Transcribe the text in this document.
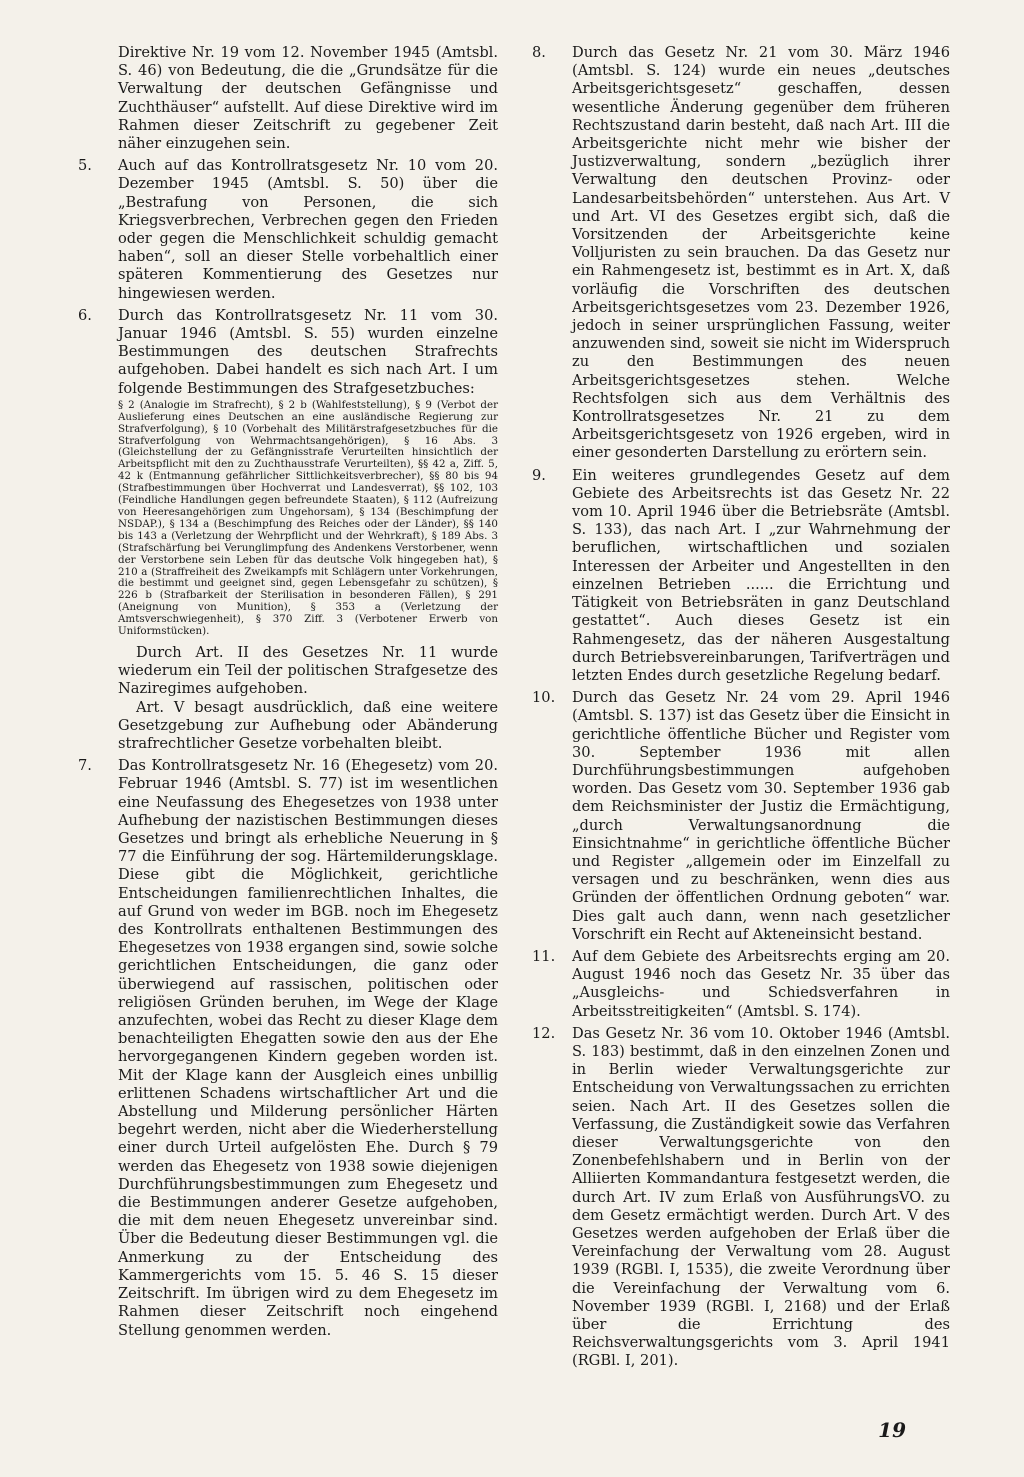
Direktive Nr. 19 vom 12. November 1945 (Amtsbl. S. 46) von Bedeutung, die die „Grundsätze für die Verwaltung der deutschen Gefängnisse und Zuchthäuser“ aufstellt. Auf diese Direktive wird im Rahmen dieser Zeitschrift zu gegebener Zeit näher einzugehen sein.

5.	Auch auf das Kontrollratsgesetz Nr. 10 vom 20. Dezember 1945 (Amtsbl. S. 50) über die „Bestrafung von Personen, die sich Kriegsverbrechen, Verbrechen gegen den Frieden oder gegen die Menschlichkeit schuldig gemacht haben“, soll an dieser Stelle vorbehaltlich einer späteren Kommentierung des Gesetzes nur hingewiesen werden.

6.	Durch das Kontrollratsgesetz Nr. 11 vom 30. Januar 1946 (Amtsbl. S. 55) wurden einzelne Bestimmungen des deutschen Strafrechts aufgehoben. Dabei handelt es sich nach Art. I um folgende Bestimmungen des Strafgesetzbuches:

§ 2 (Analogie im Strafrecht), § 2 b (Wahlfeststellung), § 9 (Verbot der Auslieferung eines Deutschen an eine ausländische Regierung zur Strafverfolgung), § 10 (Vorbehalt des Militärstrafgesetzbuches für die Strafverfolgung von Wehrmachtsangehörigen), § 16 Abs. 3 (Gleichstellung der zu Gefängnisstrafe Verurteilten hinsichtlich der Arbeitspflicht mit den zu Zuchthausstrafe Verurteilten), §§ 42 a, Ziff. 5, 42 k (Entmannung gefährlicher Sittlichkeitsverbrecher), §§ 80 bis 94 (Strafbestimmungen über Hochverrat und Landesverrat), §§ 102, 103 (Feindliche Handlungen gegen befreundete Staaten), § 112 (Aufreizung von Heeresangehörigen zum Ungehorsam), § 134 (Beschimpfung der NSDAP.), § 134 a (Beschimpfung des Reiches oder der Länder), §§ 140 bis 143 a (Verletzung der Wehrpflicht und der Wehrkraft), § 189 Abs. 3 (Strafschärfung bei Verunglimpfung des Andenkens Verstorbener, wenn der Verstorbene sein Leben für das deutsche Volk hingegeben hat), § 210 a (Straffreiheit des Zweikampfs mit Schlägern unter Vorkehrungen, die bestimmt und geeignet sind, gegen Lebensgefahr zu schützen), § 226 b (Strafbarkeit der Sterilisation in besonderen Fällen), § 291 (Aneignung von Munition), § 353 a (Verletzung der Amtsverschwiegenheit), § 370 Ziff. 3 (Verbotener Erwerb von Uniformstücken).

Durch Art. II des Gesetzes Nr. 11 wurde wiederum ein Teil der politischen Strafgesetze des Naziregimes aufgehoben.

Art. V besagt ausdrücklich, daß eine weitere Gesetzgebung zur Aufhebung oder Abänderung strafrechtlicher Gesetze vorbehalten bleibt.

7.	Das Kontrollratsgesetz Nr. 16 (Ehegesetz) vom 20. Februar 1946 (Amtsbl. S. 77) ist im wesentlichen eine Neufassung des Ehegesetzes von 1938 unter Aufhebung der nazistischen Bestimmungen dieses Gesetzes und bringt als erhebliche Neuerung in § 77 die Einführung der sog. Härtemilderungsklage. Diese gibt die Möglichkeit, gerichtliche Entscheidungen familienrechtlichen Inhaltes, die auf Grund von weder im BGB. noch im Ehegesetz des Kontrollrats enthaltenen Bestimmungen des Ehegesetzes von 1938 ergangen sind, sowie solche gerichtlichen Entscheidungen, die ganz oder überwiegend auf rassischen, politischen oder religiösen Gründen beruhen, im Wege der Klage anzufechten, wobei das Recht zu dieser Klage dem benachteiligten Ehegatten sowie den aus der Ehe hervorgegangenen Kindern gegeben worden ist. Mit der Klage kann der Ausgleich eines unbillig erlittenen Schadens wirtschaftlicher Art und die Abstellung und Milderung persönlicher Härten begehrt werden, nicht aber die Wiederherstellung einer durch Urteil aufgelösten Ehe. Durch § 79 werden das Ehegesetz von 1938 sowie diejenigen Durchführungsbestimmungen zum Ehegesetz und die Bestimmungen anderer Gesetze aufgehoben, die mit dem neuen Ehegesetz unvereinbar sind. Über die Bedeutung dieser Bestimmungen vgl. die Anmerkung zu der Entscheidung des Kammergerichts vom 15. 5. 46 S. 15 dieser Zeitschrift. Im übrigen wird zu dem Ehegesetz im Rahmen dieser Zeitschrift noch eingehend Stellung genommen werden.

8.	Durch das Gesetz Nr. 21 vom 30. März 1946 (Amtsbl. S. 124) wurde ein neues „deutsches Arbeitsgerichtsgesetz“ geschaffen, dessen wesentliche Änderung gegenüber dem früheren Rechtszustand darin besteht, daß nach Art. III die Arbeitsgerichte nicht mehr wie bisher der Justizverwaltung, sondern „bezüglich ihrer Verwaltung den deutschen Provinz- oder Landesarbeitsbehörden“ unterstehen. Aus Art. V und Art. VI des Gesetzes ergibt sich, daß die Vorsitzenden der Arbeitsgerichte keine Volljuristen zu sein brauchen. Da das Gesetz nur ein Rahmengesetz ist, bestimmt es in Art. X, daß vorläufig die Vorschriften des deutschen Arbeitsgerichtsgesetzes vom 23. Dezember 1926, jedoch in seiner ursprünglichen Fassung, weiter anzuwenden sind, soweit sie nicht im Widerspruch zu den Bestimmungen des neuen Arbeitsgerichtsgesetzes stehen. Welche Rechtsfolgen sich aus dem Verhältnis des Kontrollratsgesetzes Nr. 21 zu dem Arbeitsgerichtsgesetz von 1926 ergeben, wird in einer gesonderten Darstellung zu erörtern sein.

9.	Ein weiteres grundlegendes Gesetz auf dem Gebiete des Arbeitsrechts ist das Gesetz Nr. 22 vom 10. April 1946 über die Betriebsräte (Amtsbl. S. 133), das nach Art. I „zur Wahrnehmung der beruflichen, wirtschaftlichen und sozialen Interessen der Arbeiter und Angestellten in den einzelnen Betrieben ...... die Errichtung und Tätigkeit von Betriebsräten in ganz Deutschland gestattet“. Auch dieses Gesetz ist ein Rahmengesetz, das der näheren Ausgestaltung durch Betriebsvereinbarungen, Tarifverträgen und letzten Endes durch gesetzliche Regelung bedarf.

10.	Durch das Gesetz Nr. 24 vom 29. April 1946 (Amtsbl. S. 137) ist das Gesetz über die Einsicht in gerichtliche öffentliche Bücher und Register vom 30. September 1936 mit allen Durchführungsbestimmungen aufgehoben worden. Das Gesetz vom 30. September 1936 gab dem Reichsminister der Justiz die Ermächtigung, „durch Verwaltungsanordnung die Einsichtnahme“ in gerichtliche öffentliche Bücher und Register „allgemein oder im Einzelfall zu versagen und zu beschränken, wenn dies aus Gründen der öffentlichen Ordnung geboten“ war. Dies galt auch dann, wenn nach gesetzlicher Vorschrift ein Recht auf Akteneinsicht bestand.

11.	Auf dem Gebiete des Arbeitsrechts erging am 20. August 1946 noch das Gesetz Nr. 35 über das „Ausgleichs- und Schiedsverfahren in Arbeitsstreitigkeiten“ (Amtsbl. S. 174).

12.	Das Gesetz Nr. 36 vom 10. Oktober 1946 (Amtsbl. S. 183) bestimmt, daß in den einzelnen Zonen und in Berlin wieder Verwaltungsgerichte zur Entscheidung von Verwaltungssachen zu errichten seien. Nach Art. II des Gesetzes sollen die Verfassung, die Zuständigkeit sowie das Verfahren dieser Verwaltungsgerichte von den Zonenbefehlshabern und in Berlin von der Alliierten Kommandantura festgesetzt werden, die durch Art. IV zum Erlaß von AusführungsVO. zu dem Gesetz ermächtigt werden. Durch Art. V des Gesetzes werden aufgehoben der Erlaß über die Vereinfachung der Verwaltung vom 28. August 1939 (RGBl. I, 1535), die zweite Verordnung über die Vereinfachung der Verwaltung vom 6. November 1939 (RGBl. I, 2168) und der Erlaß über die Errichtung des Reichsverwaltungsgerichts vom 3. April 1941 (RGBl. I, 201).

19
